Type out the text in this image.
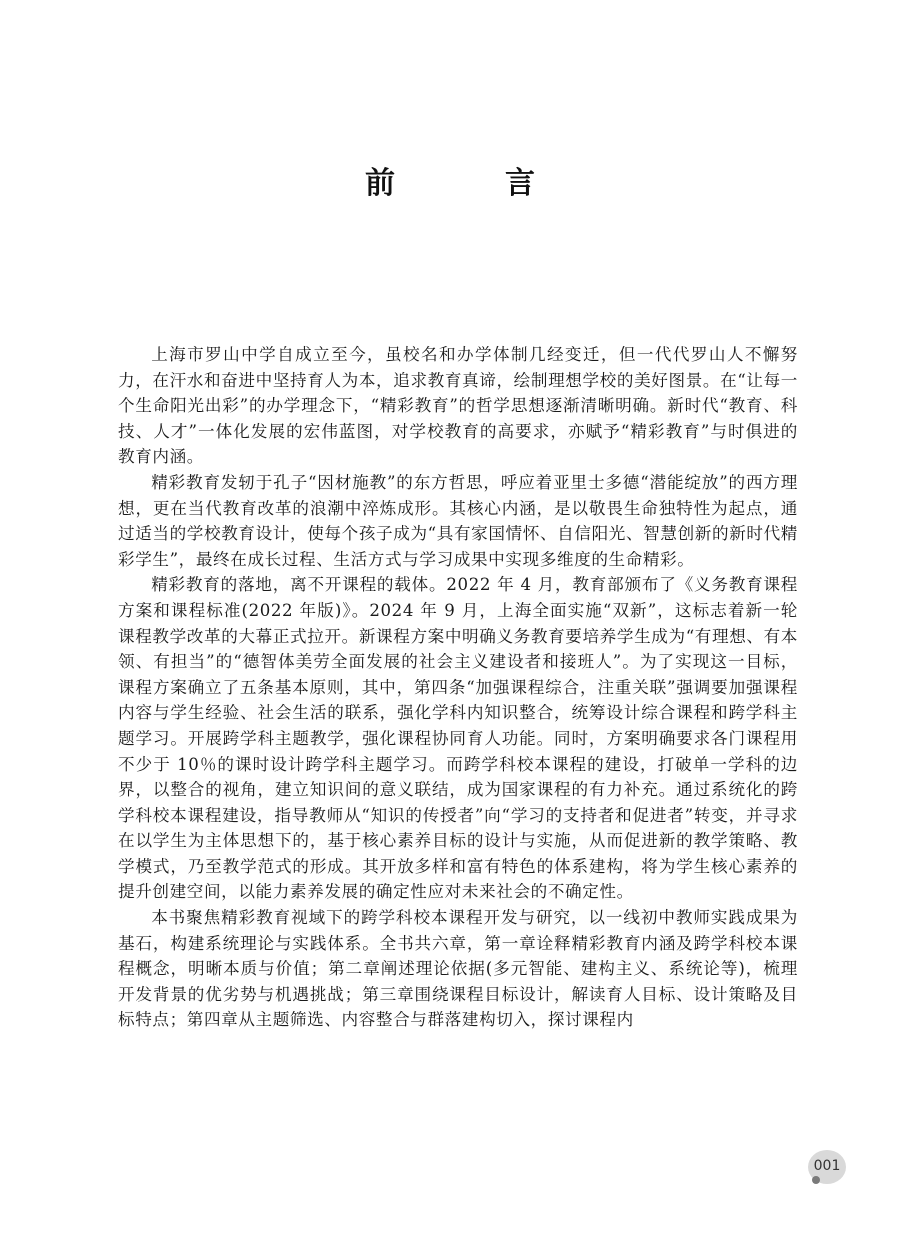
前　言

上海市罗山中学自成立至今，虽校名和办学体制几经变迁，但一代代罗山人不懈努力，在汗水和奋进中坚持育人为本，追求教育真谛，绘制理想学校的美好图景。在“让每一个生命阳光出彩”的办学理念下，“精彩教育”的哲学思想逐渐清晰明确。新时代“教育、科技、人才”一体化发展的宏伟蓝图，对学校教育的高要求，亦赋予“精彩教育”与时俱进的教育内涵。

精彩教育发轫于孔子“因材施教”的东方哲思，呼应着亚里士多德“潜能绽放”的西方理想，更在当代教育改革的浪潮中淬炼成形。其核心内涵，是以敬畏生命独特性为起点，通过适当的学校教育设计，使每个孩子成为“具有家国情怀、自信阳光、智慧创新的新时代精彩学生”，最终在成长过程、生活方式与学习成果中实现多维度的生命精彩。

精彩教育的落地，离不开课程的载体。2022 年 4 月，教育部颁布了《义务教育课程方案和课程标准(2022 年版)》。2024 年 9 月，上海全面实施“双新”，这标志着新一轮课程教学改革的大幕正式拉开。新课程方案中明确义务教育要培养学生成为“有理想、有本领、有担当”的“德智体美劳全面发展的社会主义建设者和接班人”。为了实现这一目标，课程方案确立了五条基本原则，其中，第四条“加强课程综合，注重关联”强调要加强课程内容与学生经验、社会生活的联系，强化学科内知识整合，统筹设计综合课程和跨学科主题学习。开展跨学科主题教学，强化课程协同育人功能。同时，方案明确要求各门课程用不少于 10％的课时设计跨学科主题学习。而跨学科校本课程的建设，打破单一学科的边界，以整合的视角，建立知识间的意义联结，成为国家课程的有力补充。通过系统化的跨学科校本课程建设，指导教师从“知识的传授者”向“学习的支持者和促进者”转变，并寻求在以学生为主体思想下的，基于核心素养目标的设计与实施，从而促进新的教学策略、教学模式，乃至教学范式的形成。其开放多样和富有特色的体系建构，将为学生核心素养的提升创建空间，以能力素养发展的确定性应对未来社会的不确定性。

本书聚焦精彩教育视域下的跨学科校本课程开发与研究，以一线初中教师实践成果为基石，构建系统理论与实践体系。全书共六章，第一章诠释精彩教育内涵及跨学科校本课程概念，明晰本质与价值；第二章阐述理论依据(多元智能、建构主义、系统论等)，梳理开发背景的优劣势与机遇挑战；第三章围绕课程目标设计，解读育人目标、设计策略及目标特点；第四章从主题筛选、内容整合与群落建构切入，探讨课程内

001
